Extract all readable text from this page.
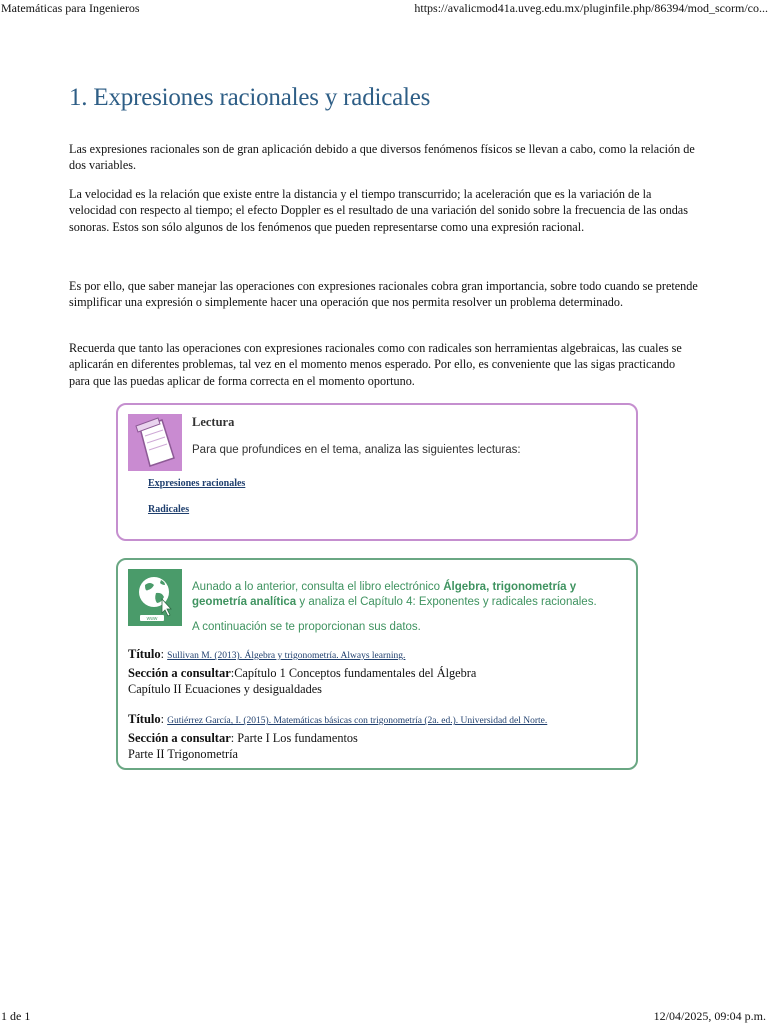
Matemáticas para Ingenieros	https://avalicmod41a.uveg.edu.mx/pluginfile.php/86394/mod_scorm/co...
1. Expresiones racionales y radicales

Las expresiones racionales son de gran aplicación debido a que diversos fenómenos físicos se llevan a cabo, como la relación de dos variables.

La velocidad es la relación que existe entre la distancia y el tiempo transcurrido; la aceleración que es la variación de la velocidad con respecto al tiempo; el efecto Doppler es el resultado de una variación del sonido sobre la frecuencia de las ondas sonoras. Estos son sólo algunos de los fenómenos que pueden representarse como una expresión racional.

Es por ello, que saber manejar las operaciones con expresiones racionales cobra gran importancia, sobre todo cuando se pretende simplificar una expresión o simplemente hacer una operación que nos permita resolver un problema determinado.

Recuerda que tanto las operaciones con expresiones racionales como con radicales son herramientas algebraicas, las cuales se aplicarán en diferentes problemas, tal vez en el momento menos esperado. Por ello, es conveniente que las sigas practicando para que las puedas aplicar de forma correcta en el momento oportuno.

Lectura
Para que profundices en el tema, analiza las siguientes lecturas:
Expresiones racionales
Radicales
www
Aunado a lo anterior, consulta el libro electrónico Álgebra, trigonometría y geometría analítica y analiza el Capítulo 4: Exponentes y radicales racionales.
A continuación se te proporcionan sus datos.
Título: Sullivan M. (2013). Álgebra y trigonometría. Always learning.
Sección a consultar:Capítulo 1 Conceptos fundamentales del Álgebra
Capítulo II Ecuaciones y desigualdades
Título: Gutiérrez García, I. (2015). Matemáticas básicas con trigonometría (2a. ed.). Universidad del Norte.
Sección a consultar: Parte I Los fundamentos
Parte II Trigonometría
1 de 1	12/04/2025, 09:04 p.m.
